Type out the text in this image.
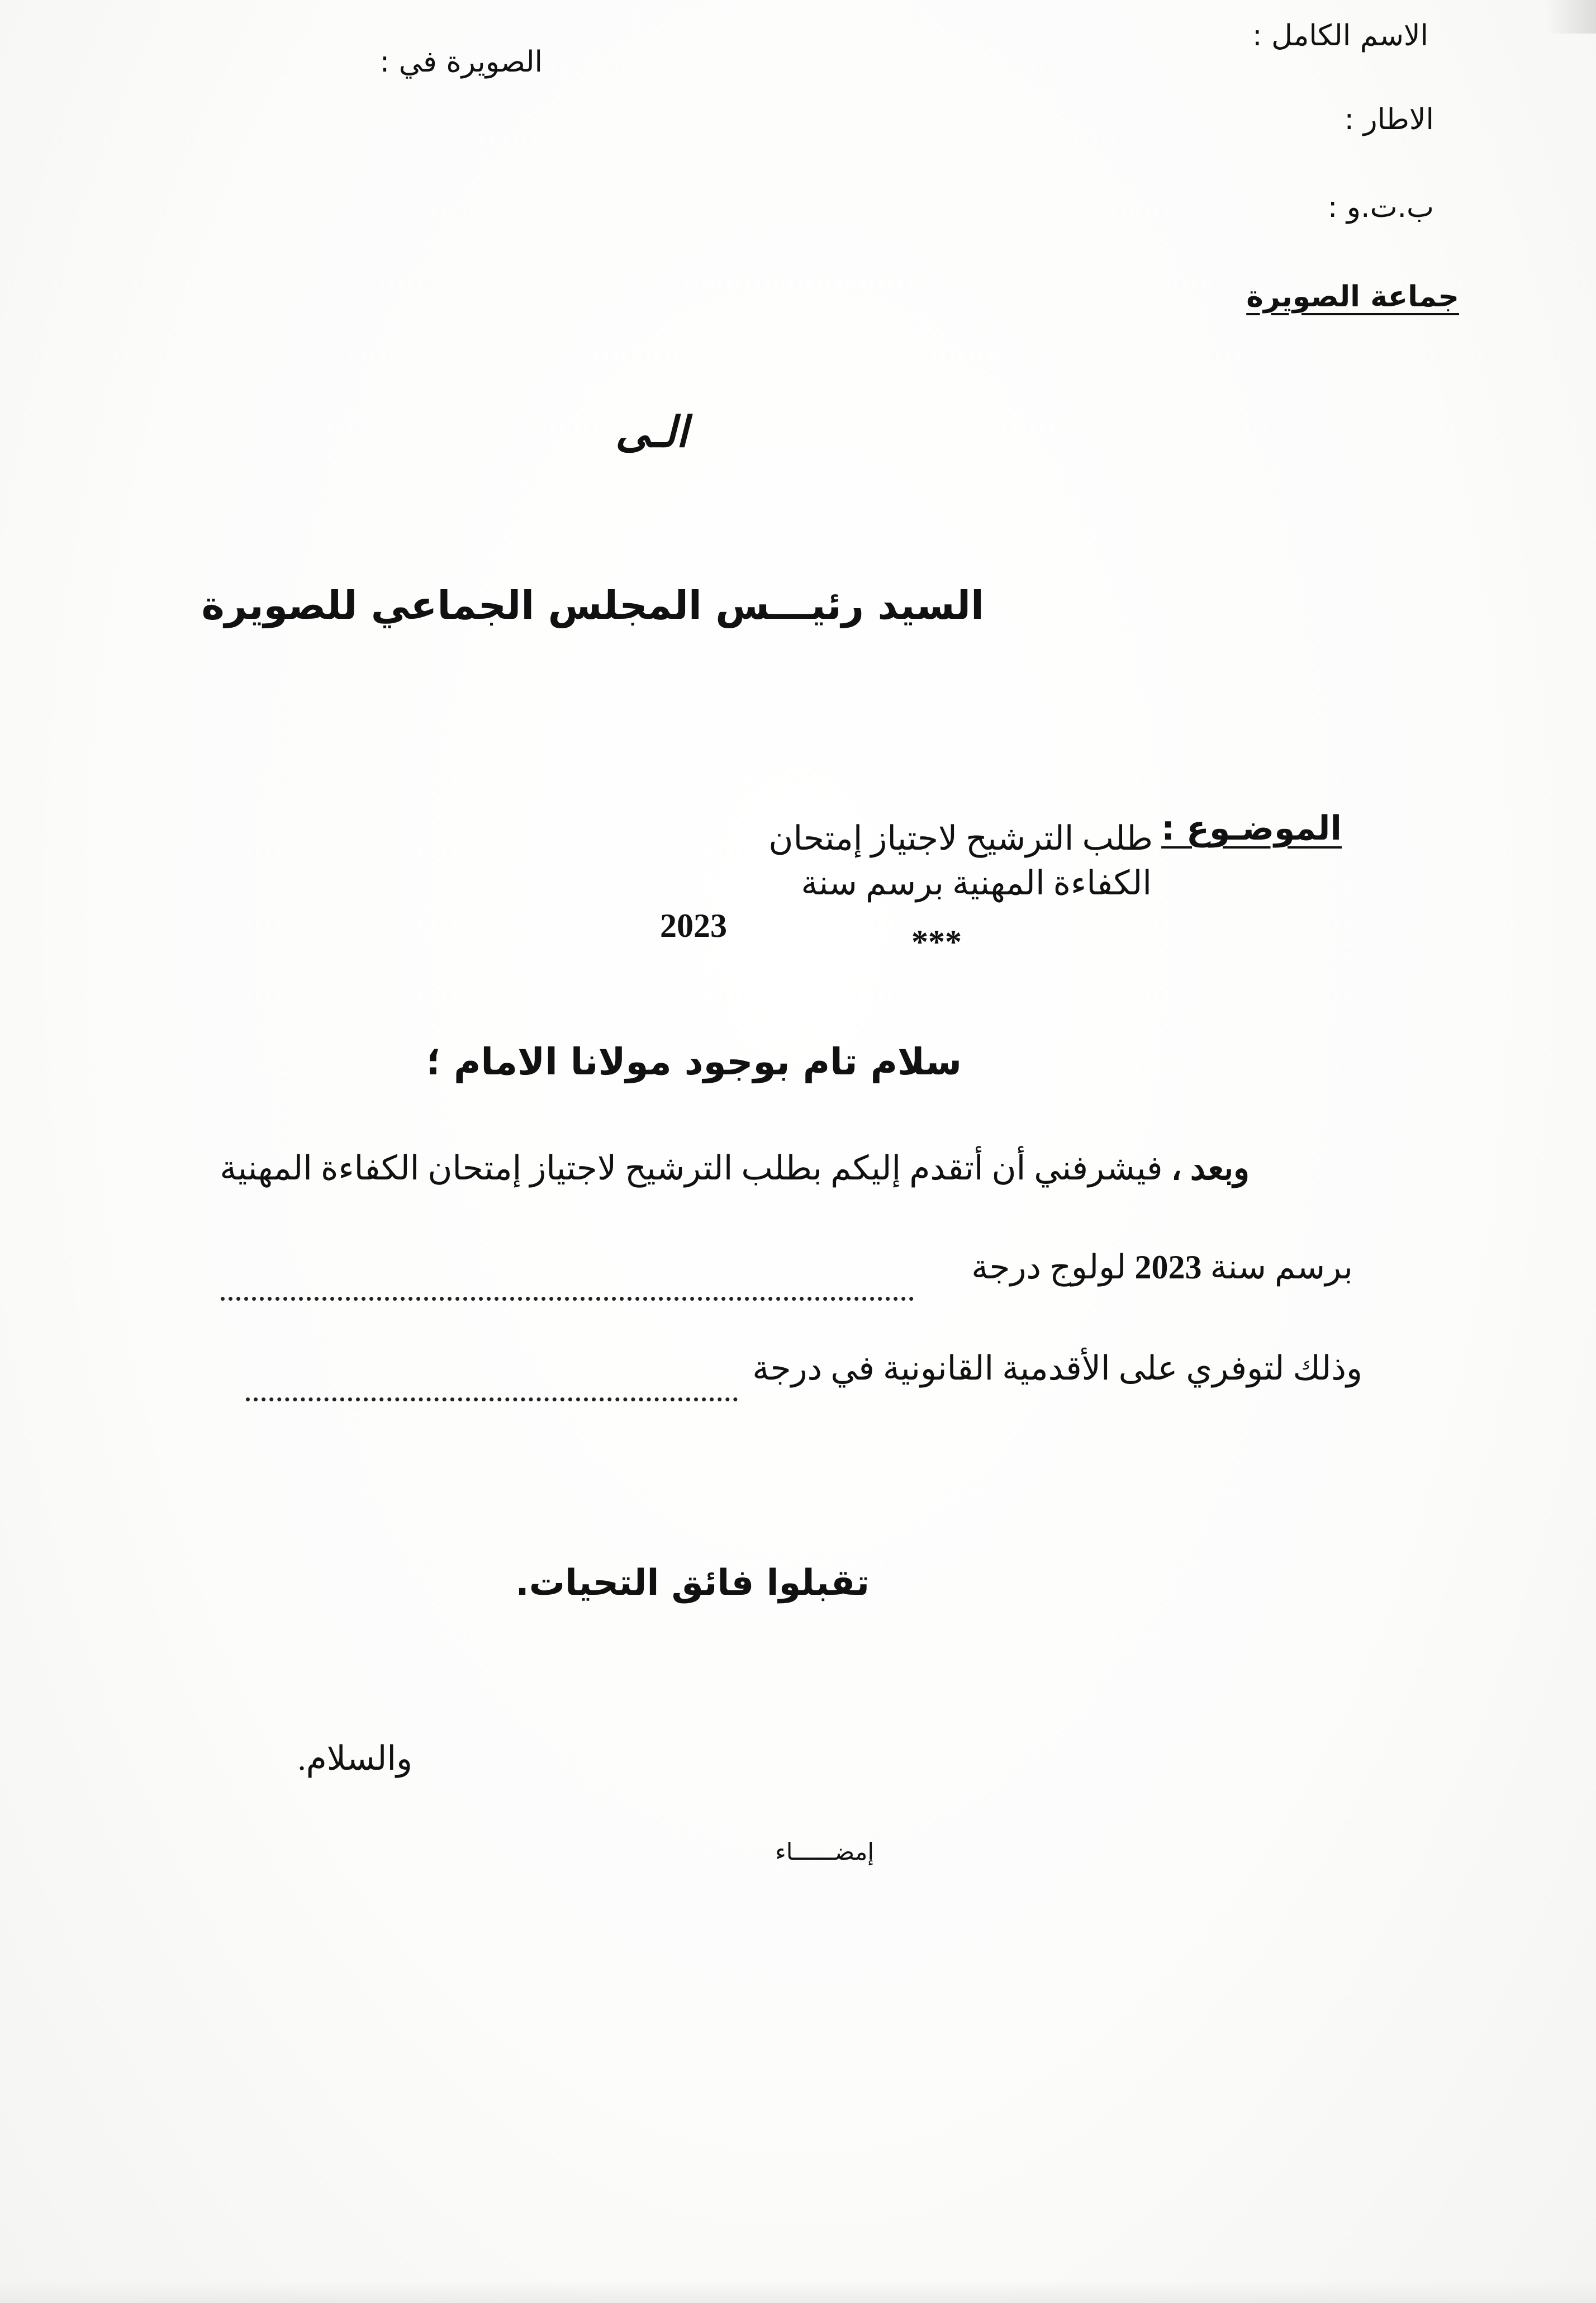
الاسم الكامل :
الاطار :
ب.ت.و :
جماعة الصويرة
الصويرة في :
الـى
السيد رئيـــس المجلس الجماعي للصويرة
الموضـوع :
طلب الترشيح لاجتياز إمتحان
الكفاءة المهنية برسم سنة
2023	***
سلام تام بوجود مولانا الامام ؛
وبعد ، فيشرفني أن أتقدم إليكم بطلب الترشيح لاجتياز إمتحان الكفاءة المهنية
برسم سنة 2023 لولوج درجة
وذلك لتوفري على الأقدمية القانونية في درجة
تقبلوا فائق التحيات.
والسلام.
إمضــــــاء
